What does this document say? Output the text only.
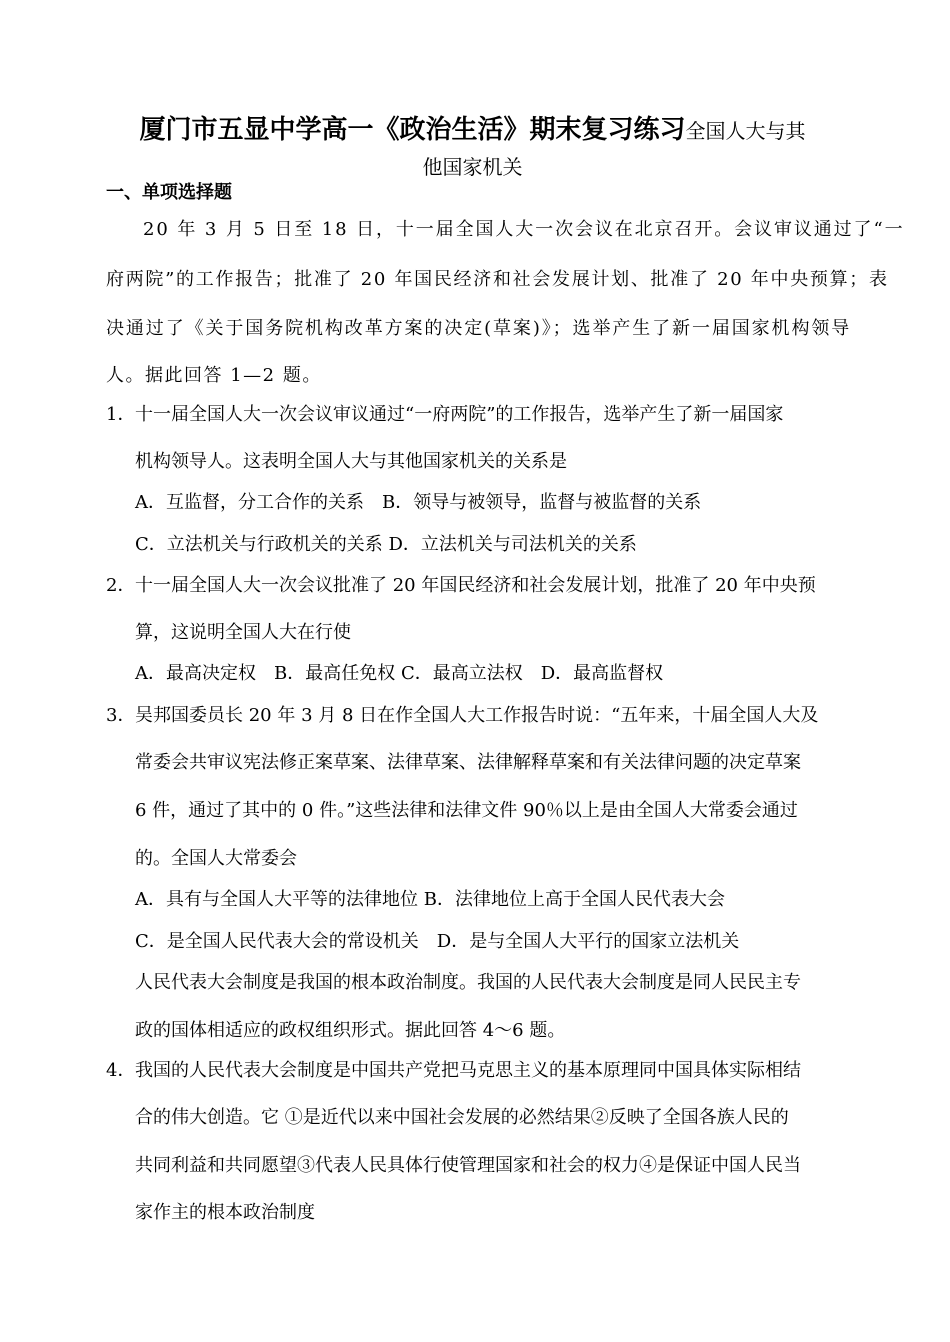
厦门市五显中学高一《政治生活》期末复习练习全国人大与其
他国家机关
一、单项选择题
20 年 3 月 5 日至 18 日，十一届全国人大一次会议在北京召开。会议审议通过了“一
府两院”的工作报告；批准了 20 年国民经济和社会发展计划、批准了 20 年中央预算；表
决通过了《关于国务院机构改革方案的决定(草案)》；选举产生了新一届国家机构领导
人。据此回答 1—2 题。
1． 十一届全国人大一次会议审议通过“一府两院”的工作报告，选举产生了新一届国家
机构领导人。这表明全国人大与其他国家机关的关系是
A．互监督，分工合作的关系　B．领导与被领导，监督与被监督的关系
C．立法机关与行政机关的关系 D．立法机关与司法机关的关系
2． 十一届全国人大一次会议批准了 20 年国民经济和社会发展计划，批准了 20 年中央预
算，这说明全国人大在行使
A．最高决定权　B．最高任免权 C．最高立法权　D．最高监督权
3． 吴邦国委员长 20 年 3 月 8 日在作全国人大工作报告时说：“五年来，十届全国人大及
常委会共审议宪法修正案草案、法律草案、法律解释草案和有关法律问题的决定草案
6 件，通过了其中的 0 件。”这些法律和法律文件 90％以上是由全国人大常委会通过
的。全国人大常委会
A．具有与全国人大平等的法律地位 B．法律地位上高于全国人民代表大会
C．是全国人民代表大会的常设机关　D．是与全国人大平行的国家立法机关
人民代表大会制度是我国的根本政治制度。我国的人民代表大会制度是同人民民主专
政的国体相适应的政权组织形式。据此回答 4～6 题。
4． 我国的人民代表大会制度是中国共产党把马克思主义的基本原理同中国具体实际相结
合的伟大创造。它 ①是近代以来中国社会发展的必然结果②反映了全国各族人民的
共同利益和共同愿望③代表人民具体行使管理国家和社会的权力④是保证中国人民当
家作主的根本政治制度
